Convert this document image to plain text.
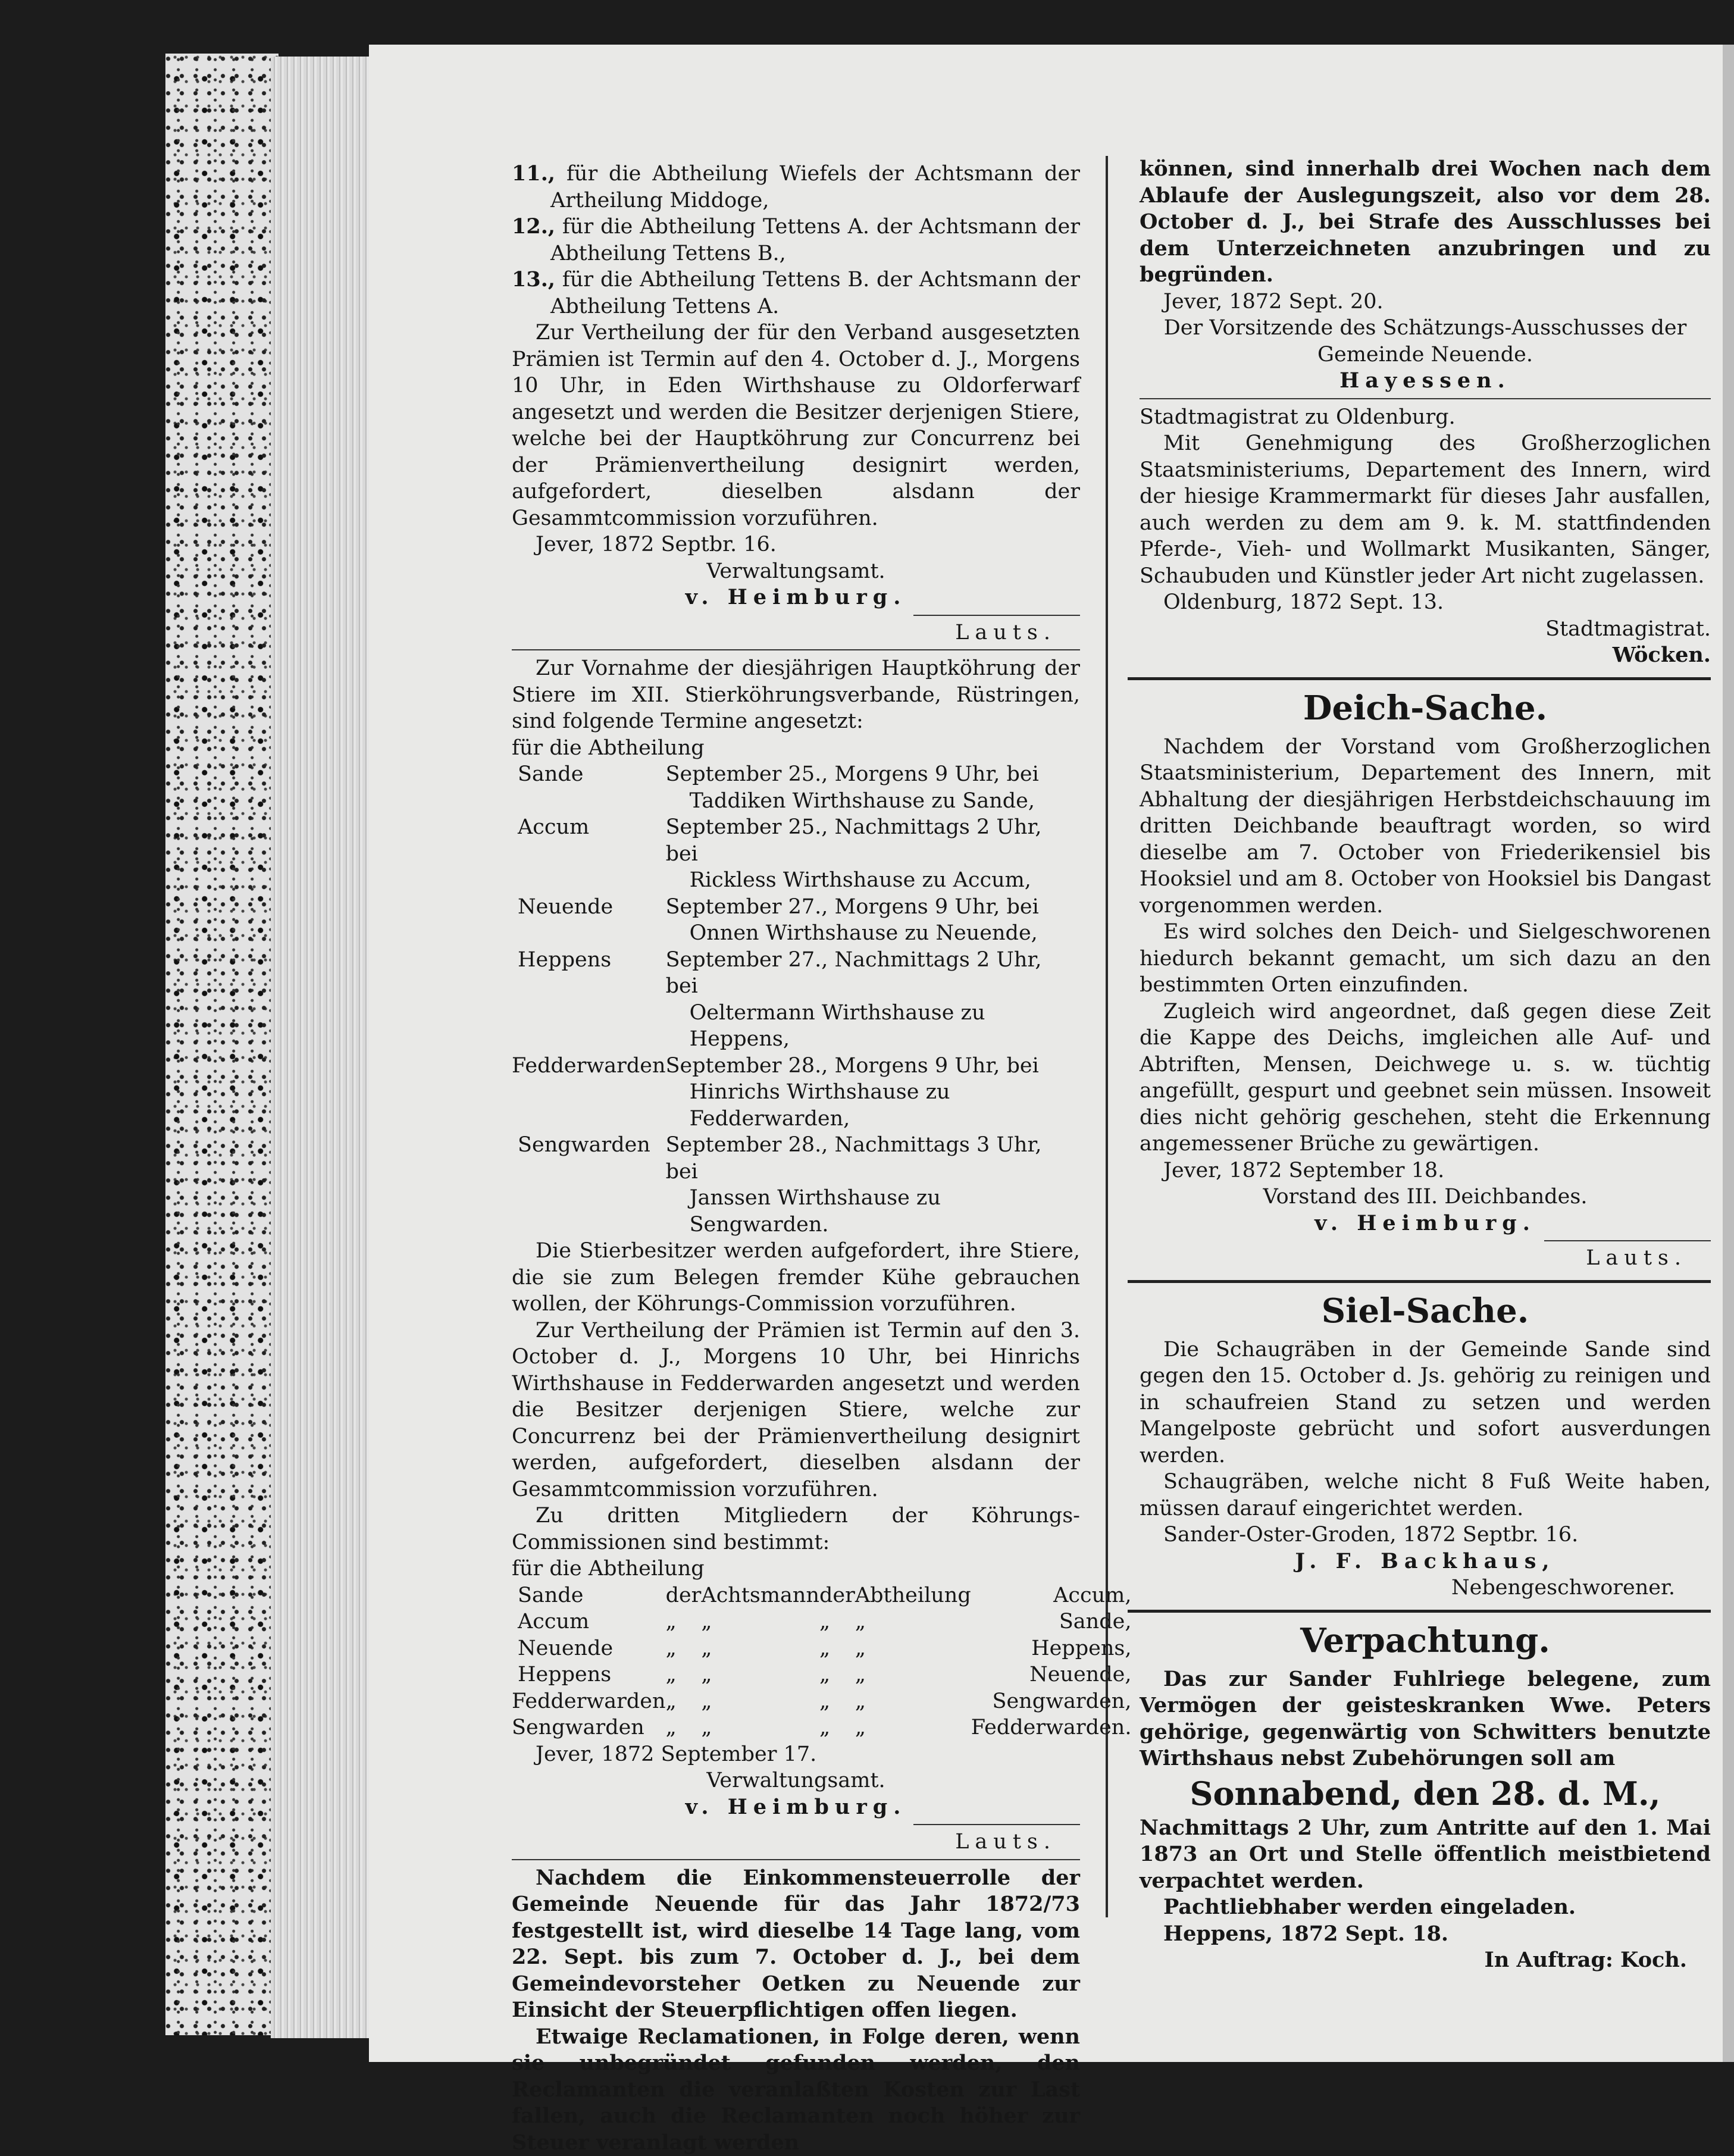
11., für die Abtheilung Wiefels der Achtsmann der Artheilung Middoge,

12., für die Abtheilung Tettens A. der Achtsmann der Abtheilung Tettens B.,

13., für die Abtheilung Tettens B. der Achtsmann der Abtheilung Tettens A.

Zur Vertheilung der für den Verband ausgesetzten Prämien ist Termin auf den 4. October d. J., Morgens 10 Uhr, in Eden Wirthshause zu Oldorferwarf angesetzt und werden die Besitzer derjenigen Stiere, welche bei der Hauptköhrung zur Concurrenz bei der Prämienvertheilung designirt werden, aufgefordert, dieselben alsdann der Gesammtcommission vorzuführen.

Jever, 1872 Septbr. 16.

Verwaltungsamt.

v. Heimburg.

Lauts.

Zur Vornahme der diesjährigen Hauptköhrung der Stiere im XII. Stierköhrungsverbande, Rüstringen, sind folgende Termine angesetzt:

für die Abtheilung

Sande	September 25., Morgens 9 Uhr, bei
	Taddiken Wirthshause zu Sande,
Accum	September 25., Nachmittags 2 Uhr, bei
	Rickless Wirthshause zu Accum,
Neuende	September 27., Morgens 9 Uhr, bei
	Onnen Wirthshause zu Neuende,
Heppens	September 27., Nachmittags 2 Uhr, bei
	Oeltermann Wirthshause zu Heppens,
Fedderwarden	September 28., Morgens 9 Uhr, bei
	Hinrichs Wirthshause zu Fedderwarden,
Sengwarden	September 28., Nachmittags 3 Uhr, bei
	Janssen Wirthshause zu Sengwarden.

Die Stierbesitzer werden aufgefordert, ihre Stiere, die sie zum Belegen fremder Kühe gebrauchen wollen, der Köhrungs-Commission vorzuführen.

Zur Vertheilung der Prämien ist Termin auf den 3. October d. J., Morgens 10 Uhr, bei Hinrichs Wirthshause in Fedderwarden angesetzt und werden die Besitzer derjenigen Stiere, welche zur Concurrenz bei der Prämienvertheilung designirt werden, aufgefordert, dieselben alsdann der Gesammtcommission vorzuführen.

Zu dritten Mitgliedern der Köhrungs-Commissionen sind bestimmt:

für die Abtheilung

Sande	der	Achtsmann	der	Abtheilung	Accum,
Accum	„	„	„	„	Sande,
Neuende	„	„	„	„	Heppens,
Heppens	„	„	„	„	Neuende,
Fedderwarden	„	„	„	„	Sengwarden,
Sengwarden	„	„	„	„	Fedderwarden.

Jever, 1872 September 17.

Verwaltungsamt.

v. Heimburg.

Lauts.

Nachdem die Einkommensteuerrolle der Gemeinde Neuende für das Jahr 1872/73 festgestellt ist, wird dieselbe 14 Tage lang, vom 22. Sept. bis zum 7. October d. J., bei dem Gemeindevorsteher Oetken zu Neuende zur Einsicht der Steuerpflichtigen offen liegen.

Etwaige Reclamationen, in Folge deren, wenn sie unbegründet gefunden werden, den Reclamanten die veranlaßten Kosten zur Last fallen, auch die Reclamanten noch höher zur Steuer veranlagt werden

können, sind innerhalb drei Wochen nach dem Ablaufe der Auslegungszeit, also vor dem 28. October d. J., bei Strafe des Ausschlusses bei dem Unterzeichneten anzubringen und zu begründen.

Jever, 1872 Sept. 20.

Der Vorsitzende des Schätzungs-Ausschusses der Gemeinde Neuende.

Hayessen.

Stadtmagistrat zu Oldenburg.

Mit Genehmigung des Großherzoglichen Staatsministeriums, Departement des Innern, wird der hiesige Krammermarkt für dieses Jahr ausfallen, auch werden zu dem am 9. k. M. stattfindenden Pferde-, Vieh- und Wollmarkt Musikanten, Sänger, Schaubuden und Künstler jeder Art nicht zugelassen.

Oldenburg, 1872 Sept. 13.

Stadtmagistrat.

Wöcken.

Deich-Sache.

Nachdem der Vorstand vom Großherzoglichen Staatsministerium, Departement des Innern, mit Abhaltung der diesjährigen Herbstdeichschauung im dritten Deichbande beauftragt worden, so wird dieselbe am 7. October von Friederikensiel bis Hooksiel und am 8. October von Hooksiel bis Dangast vorgenommen werden.

Es wird solches den Deich- und Sielgeschworenen hiedurch bekannt gemacht, um sich dazu an den bestimmten Orten einzufinden.

Zugleich wird angeordnet, daß gegen diese Zeit die Kappe des Deichs, imgleichen alle Auf- und Abtriften, Mensen, Deichwege u. s. w. tüchtig angefüllt, gespurt und geebnet sein müssen. Insoweit dies nicht gehörig geschehen, steht die Erkennung angemessener Brüche zu gewärtigen.

Jever, 1872 September 18.

Vorstand des III. Deichbandes.

v. Heimburg.

Lauts.

Siel-Sache.

Die Schaugräben in der Gemeinde Sande sind gegen den 15. October d. Js. gehörig zu reinigen und in schaufreien Stand zu setzen und werden Mangelposte gebrücht und sofort ausverdungen werden.

Schaugräben, welche nicht 8 Fuß Weite haben, müssen darauf eingerichtet werden.

Sander-Oster-Groden, 1872 Septbr. 16.

J. F. Backhaus,

Nebengeschworener.

Verpachtung.

Das zur Sander Fuhlriege belegene, zum Vermögen der geisteskranken Wwe. Peters gehörige, gegenwärtig von Schwitters benutzte Wirthshaus nebst Zubehörungen soll am

Sonnabend, den 28. d. M.,

Nachmittags 2 Uhr, zum Antritte auf den 1. Mai 1873 an Ort und Stelle öffentlich meistbietend verpachtet werden.

Pachtliebhaber werden eingeladen.

Heppens, 1872 Sept. 18.

In Auftrag: Koch.
